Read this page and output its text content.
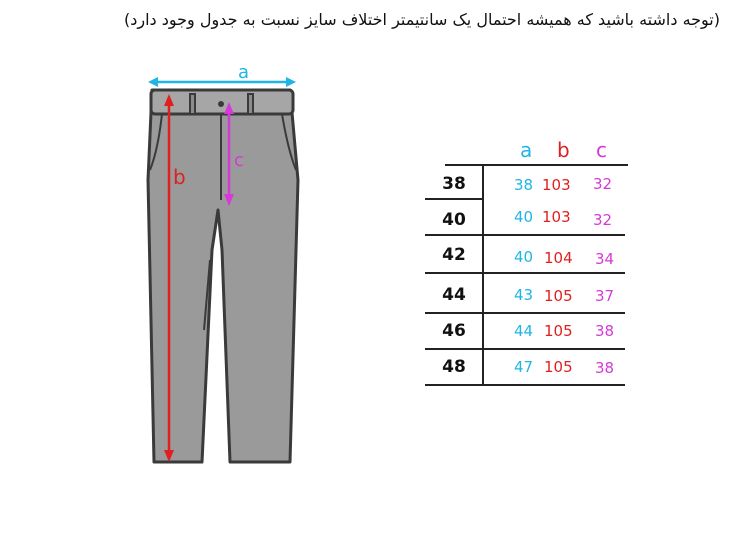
(توجه داشته باشید که همیشه احتمال یک سانتیمتر اختلاف سایز نسبت به جدول وجود دارد)
a
b
c	a b c
38	38 103 32
40	40 103 32
42	40 104 34
44	43 105 37
46	44 105 38
48	47 105 38
